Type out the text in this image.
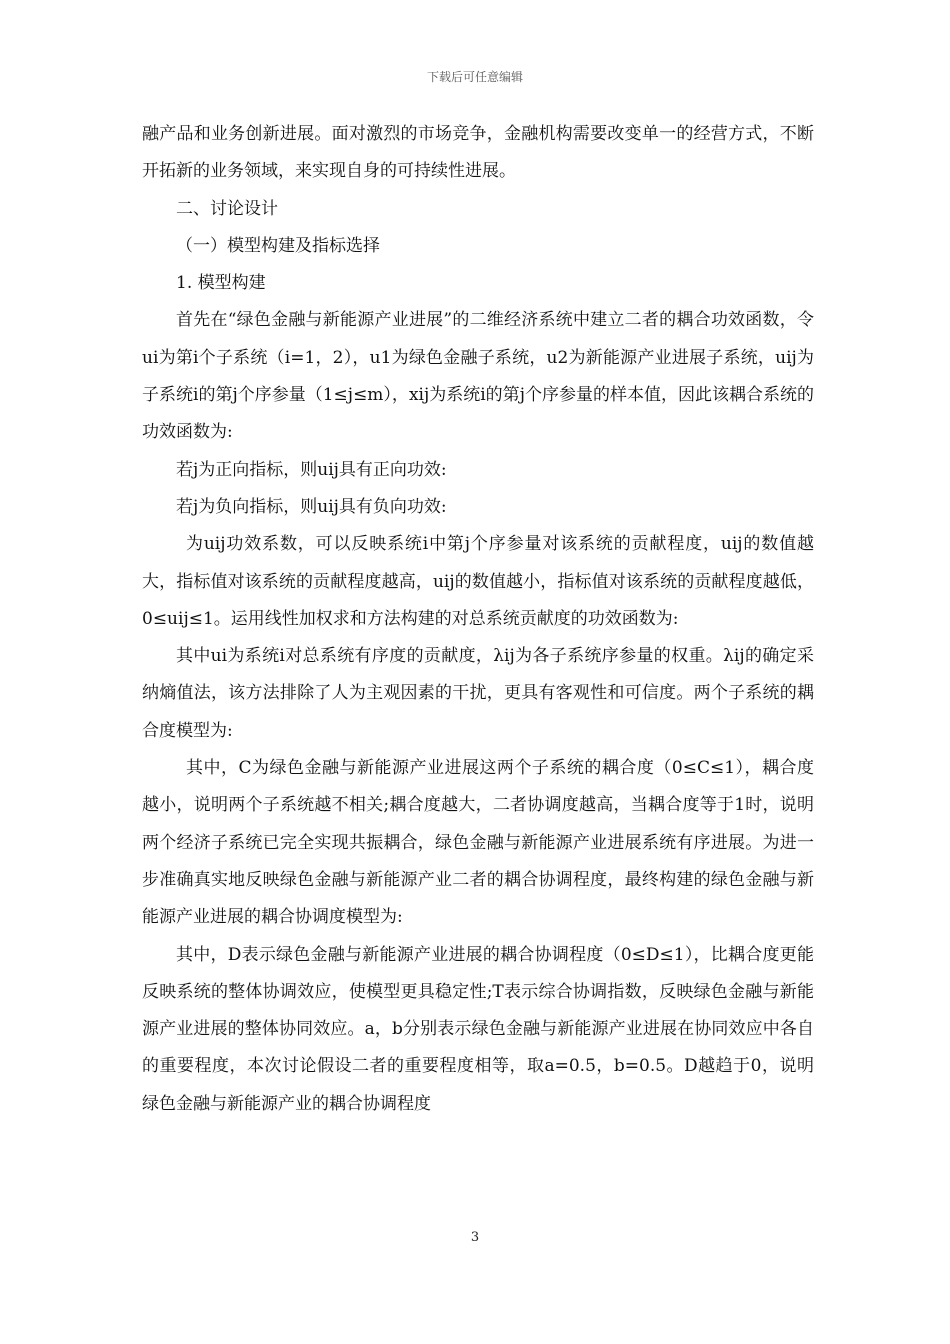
下载后可任意编辑

融产品和业务创新进展。面对激烈的市场竞争，金融机构需要改变单一的经营方式，不断开拓新的业务领域，来实现自身的可持续性进展。

二、讨论设计

（一）模型构建及指标选择

1. 模型构建

首先在“绿色金融与新能源产业进展”的二维经济系统中建立二者的耦合功效函数，令ui为第i个子系统（i=1，2），u1为绿色金融子系统，u2为新能源产业进展子系统，uij为子系统i的第j个序参量（1≤j≤m），xij为系统i的第j个序参量的样本值，因此该耦合系统的功效函数为:

若j为正向指标，则uij具有正向功效:

若j为负向指标，则uij具有负向功效:

为uij功效系数，可以反映系统i中第j个序参量对该系统的贡献程度，uij的数值越大，指标值对该系统的贡献程度越高，uij的数值越小，指标值对该系统的贡献程度越低，0≤uij≤1。运用线性加权求和方法构建的对总系统贡献度的功效函数为:

其中ui为系统i对总系统有序度的贡献度，λij为各子系统序参量的权重。λij的确定采纳熵值法，该方法排除了人为主观因素的干扰，更具有客观性和可信度。两个子系统的耦合度模型为:

其中，C为绿色金融与新能源产业进展这两个子系统的耦合度（0≤C≤1），耦合度越小，说明两个子系统越不相关;耦合度越大，二者协调度越高，当耦合度等于1时，说明两个经济子系统已完全实现共振耦合，绿色金融与新能源产业进展系统有序进展。为进一步准确真实地反映绿色金融与新能源产业二者的耦合协调程度，最终构建的绿色金融与新能源产业进展的耦合协调度模型为:

其中，D表示绿色金融与新能源产业进展的耦合协调程度（0≤D≤1），比耦合度更能反映系统的整体协调效应，使模型更具稳定性;T表示综合协调指数，反映绿色金融与新能源产业进展的整体协同效应。a，b分别表示绿色金融与新能源产业进展在协同效应中各自的重要程度，本次讨论假设二者的重要程度相等，取a=0.5，b=0.5。D越趋于0，说明绿色金融与新能源产业的耦合协调程度

3
